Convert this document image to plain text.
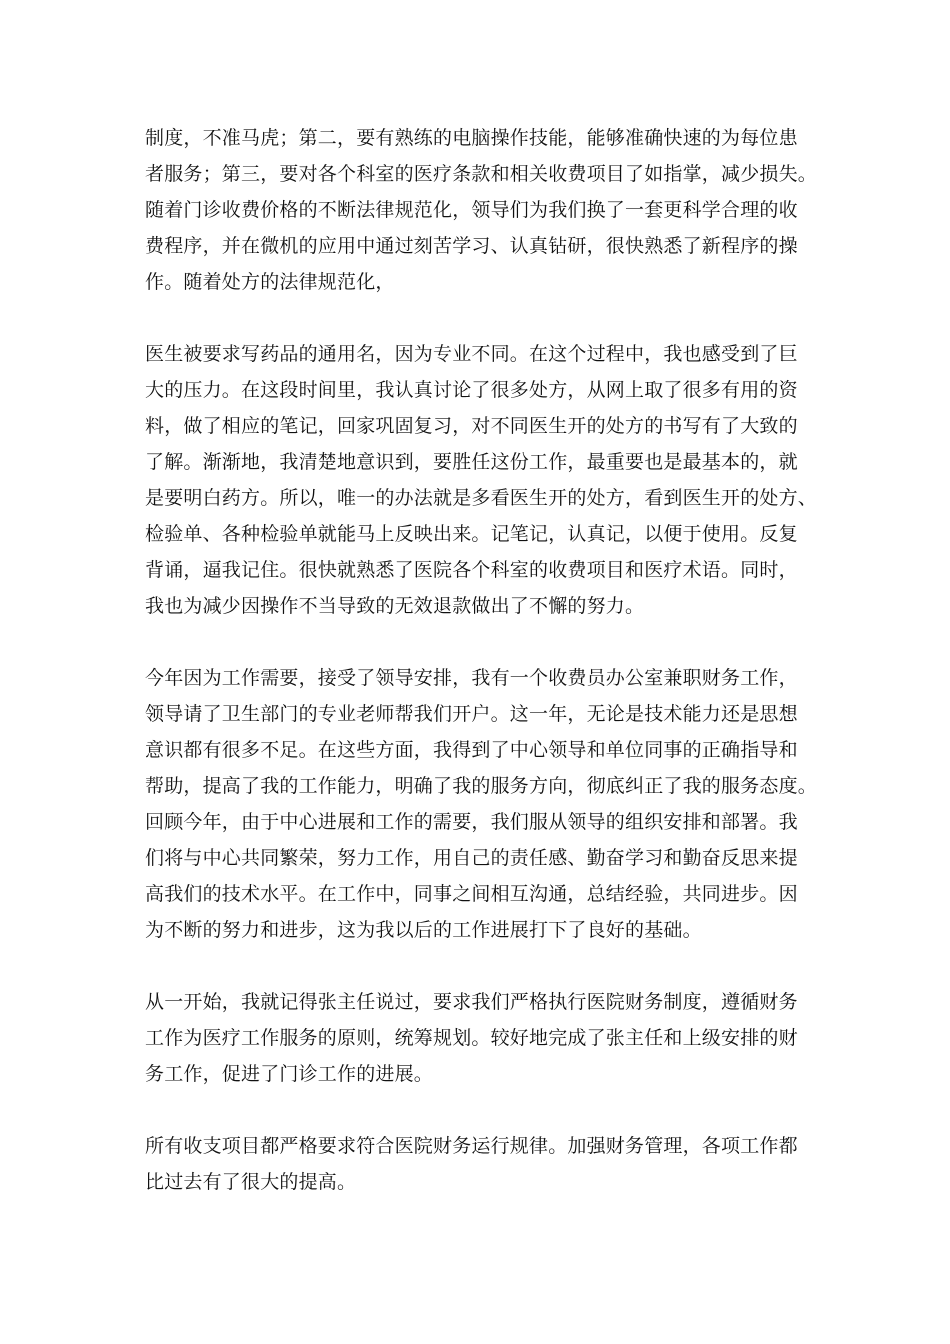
制度，不准马虎；第二，要有熟练的电脑操作技能，能够准确快速的为每位患
者服务；第三，要对各个科室的医疗条款和相关收费项目了如指掌，减少损失。
随着门诊收费价格的不断法律规范化，领导们为我们换了一套更科学合理的收
费程序，并在微机的应用中通过刻苦学习、认真钻研，很快熟悉了新程序的操
作。随着处方的法律规范化，
医生被要求写药品的通用名，因为专业不同。在这个过程中，我也感受到了巨
大的压力。在这段时间里，我认真讨论了很多处方，从网上取了很多有用的资
料，做了相应的笔记，回家巩固复习，对不同医生开的处方的书写有了大致的
了解。渐渐地，我清楚地意识到，要胜任这份工作，最重要也是最基本的，就
是要明白药方。所以，唯一的办法就是多看医生开的处方，看到医生开的处方、
检验单、各种检验单就能马上反映出来。记笔记，认真记，以便于使用。反复
背诵，逼我记住。很快就熟悉了医院各个科室的收费项目和医疗术语。同时，
我也为减少因操作不当导致的无效退款做出了不懈的努力。
今年因为工作需要，接受了领导安排，我有一个收费员办公室兼职财务工作，
领导请了卫生部门的专业老师帮我们开户。这一年，无论是技术能力还是思想
意识都有很多不足。在这些方面，我得到了中心领导和单位同事的正确指导和
帮助，提高了我的工作能力，明确了我的服务方向，彻底纠正了我的服务态度。
回顾今年，由于中心进展和工作的需要，我们服从领导的组织安排和部署。我
们将与中心共同繁荣，努力工作，用自己的责任感、勤奋学习和勤奋反思来提
高我们的技术水平。在工作中，同事之间相互沟通，总结经验，共同进步。因
为不断的努力和进步，这为我以后的工作进展打下了良好的基础。
从一开始，我就记得张主任说过，要求我们严格执行医院财务制度，遵循财务
工作为医疗工作服务的原则，统筹规划。较好地完成了张主任和上级安排的财
务工作，促进了门诊工作的进展。
所有收支项目都严格要求符合医院财务运行规律。加强财务管理，各项工作都
比过去有了很大的提高。
